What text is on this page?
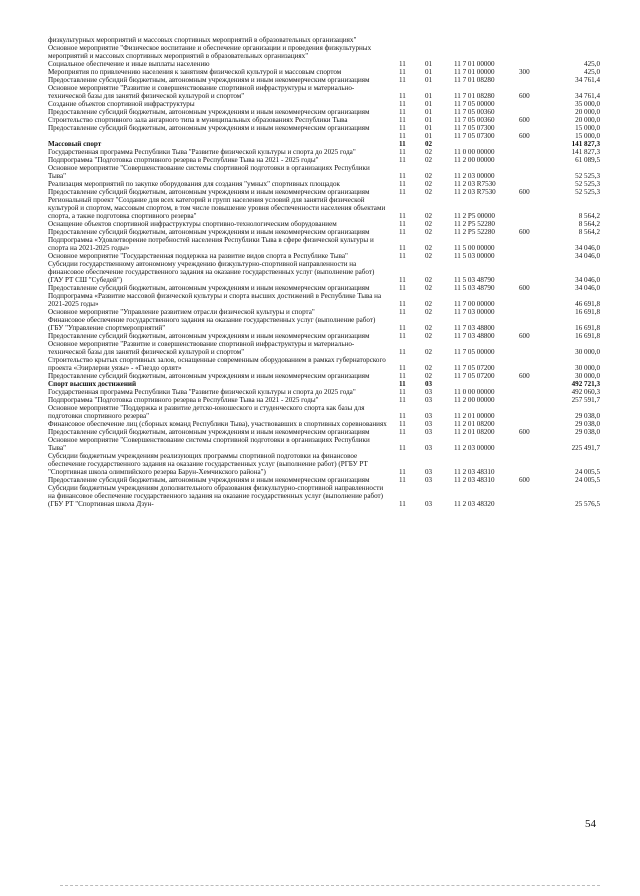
физкультурных мероприятий и массовых спортивных мероприятий в образовательных организациях"
Основное мероприятие "Физическое воспитание и обеспечение организации и проведения физкультурных мероприятий и массовых спортивных мероприятий в образовательных организациях"
Социальное обеспечение и иные выплаты населению	11	01	11 7 01 00000	425,0
Мероприятия по привлечению населения к занятиям физической культурой и массовым спортом	11	01	11 7 01 00000	300	425,0
Предоставление субсидий бюджетным, автономным учреждениям и иным некоммерческим организациям	11	01	11 7 01 08280	34 761,4
Основное мероприятие "Развитие и совершенствование спортивной инфраструктуры и материально-технической базы для занятий физической культурой и спортом"	11	01	11 7 01 08280	600	34 761,4
Создание объектов спортивной инфраструктуры	11	01	11 7 05 00000	35 000,0
Предоставление субсидий бюджетным, автономным учреждениям и иным некоммерческим организациям	11	01	11 7 05 00360	20 000,0
Строительство спортивного зала ангарного типа в муниципальных образованиях Республики Тыва	11	01	11 7 05 00360	600	20 000,0
Предоставление субсидий бюджетным, автономным учреждениям и иным некоммерческим организациям	11	01	11 7 05 07300	15 000,0
11	01	11 7 05 07300	600	15 000,0
Массовый спорт	11	02	141 827,3
Государственная программа Республики Тыва "Развитие физической культуры и спорта до 2025 года"	11	02	11 0 00 00000	141 827,3
Подпрограмма "Подготовка спортивного резерва в Республике Тыва на 2021 - 2025 годы"	11	02	11 2 00 00000	61 089,5
Основное мероприятие "Совершенствование системы спортивной подготовки в организациях Республики Тыва"	11	02	11 2 03 00000	52 525,3
Реализация мероприятий по закупке оборудования для создания "умных" спортивных площадок	11	02	11 2 03 R7530	52 525,3
Предоставление субсидий бюджетным, автономным учреждениям и иным некоммерческим организациям	11	02	11 2 03 R7530	600	52 525,3
Региональный проект "Создание для всех категорий и групп населения условий для занятий физической культурой и спортом, массовым спортом, в том числе повышение уровня обеспеченности населения объектами спорта, а также подготовка спортивного резерва"	11	02	11 2 P5 00000	8 564,2
Оснащение объектов спортивной инфраструктуры спортивно-технологическим оборудованием	11	02	11 2 P5 52280	8 564,2
Предоставление субсидий бюджетным, автономным учреждениям и иным некоммерческим организациям	11	02	11 2 P5 52280	600	8 564,2
Подпрограмма «Удовлетворение потребностей населения Республики Тыва в сфере физической культуры и спорта на 2021-2025 годы»	11	02	11 5 00 00000	34 046,0
Основное мероприятие "Государственная поддержка на развитие видов спорта в Республике Тыва"	11	02	11 5 03 00000	34 046,0
Субсидии государственному автономному учреждению физкультурно-спортивной направленности на финансовое обеспечение государственного задания на оказание государственных услуг (выполнение работ) (ГАУ РТ СШ "Субедей")	11	02	11 5 03 48790	34 046,0
Предоставление субсидий бюджетным, автономным учреждениям и иным некоммерческим организациям	11	02	11 5 03 48790	600	34 046,0
Подпрограмма «Развитие массовой физической культуры и спорта высших достижений в Республике Тыва на 2021-2025 годы»	11	02	11 7 00 00000	46 691,8
Основное мероприятие "Управление развитием отрасли физической культуры и спорта"	11	02	11 7 03 00000	16 691,8
Финансовое обеспечение государственного задания на оказание государственных услуг (выполнение работ) (ГБУ "Управление спортмероприятий"	11	02	11 7 03 48800	16 691,8
Предоставление субсидий бюджетным, автономным учреждениям и иным некоммерческим организациям	11	02	11 7 03 48800	600	16 691,8
Основное мероприятие "Развитие и совершенствование спортивной инфраструктуры и материально-технической базы для занятий физической культурой и спортом"	11	02	11 7 05 00000	30 000,0
Строительство крытых спортивных залов, оснащенные современным оборудованием в рамках губернаторского проекта «Эзирлерни уязы» - «Гнездо орлят»	11	02	11 7 05 07200	30 000,0
Предоставление субсидий бюджетным, автономным учреждениям и иным некоммерческим организациям	11	02	11 7 05 07200	600	30 000,0
Спорт высших достижений	11	03	492 721,3
Государственная программа Республики Тыва "Развитие физической культуры и спорта до 2025 года"	11	03	11 0 00 00000	492 060,3
Подпрограмма "Подготовка спортивного резерва в Республике Тыва на 2021 - 2025 годы"	11	03	11 2 00 00000	257 591,7
Основное мероприятие "Поддержка и развитие детско-юношеского и студенческого спорта как базы для подготовки спортивного резерва"	11	03	11 2 01 00000	29 038,0
Финансовое обеспечение лиц (сборных команд Республики Тыва), участвовавших в спортивных соревнованиях	11	03	11 2 01 08200	29 038,0
Предоставление субсидий бюджетным, автономным учреждениям и иным некоммерческим организациям	11	03	11 2 01 08200	600	29 038,0
Основное мероприятие "Совершенствование системы спортивной подготовки в организациях Республики Тыва"	11	03	11 2 03 00000	225 491,7
Субсидии бюджетным учреждениям реализующих программы спортивной подготовки на финансовое обеспечение государственного задания на оказание государственных услуг (выполнение работ) (РГБУ РТ "Спортивная школа олимпийского резерва Барун-Хемчикского района")	11	03	11 2 03 48310	24 005,5
Предоставление субсидий бюджетным, автономным учреждениям и иным некоммерческим организациям	11	03	11 2 03 48310	600	24 005,5
Субсидии бюджетным учреждениям дополнительного образования физкультурно-спортивной направленности на финансовое обеспечение государственного задания на оказание государственных услуг (выполнение работ) (ГБУ РТ "Спортивная школа Дзун-	11	03	11 2 03 48320	25 576,5
54
